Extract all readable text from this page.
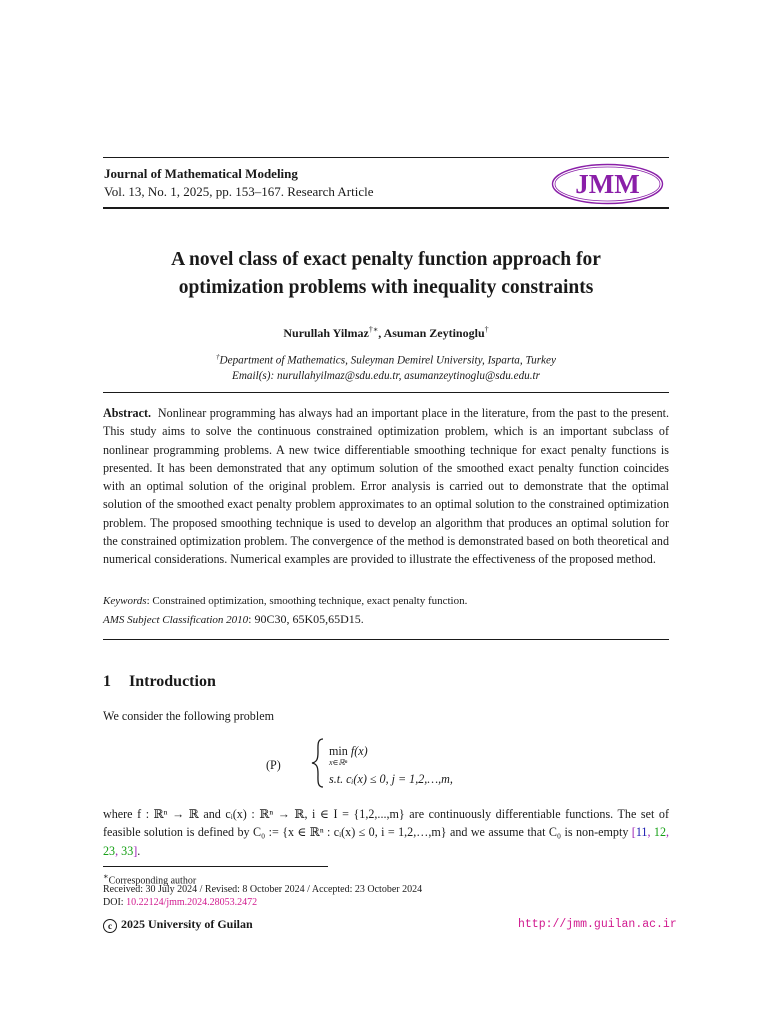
Journal of Mathematical Modeling
Vol. 13, No. 1, 2025, pp. 153–167. Research Article	JMM
A novel class of exact penalty function approach for
optimization problems with inequality constraints
Nurullah Yilmaz†∗, Asuman Zeytinoglu†
†Department of Mathematics, Suleyman Demirel University, Isparta, Turkey
Email(s): nurullahyilmaz@sdu.edu.tr, asumanzeytinoglu@sdu.edu.tr
Abstract. Nonlinear programming has always had an important place in the literature, from the past to the present. This study aims to solve the continuous constrained optimization problem, which is an important subclass of nonlinear programming problems. A new twice differentiable smoothing technique for exact penalty functions is presented. It has been demonstrated that any optimum solution of the smoothed exact penalty function coincides with an optimal solution of the original problem. Error analysis is carried out to demonstrate that the optimal solution of the smoothed exact penalty problem approximates to an optimal solution to the constrained optimization problem. The proposed smoothing technique is used to develop an algorithm that produces an optimal solution for the constrained optimization problem. The convergence of the method is demonstrated based on both theoretical and numerical considerations. Numerical examples are provided to illustrate the effectiveness of the proposed method.
Keywords: Constrained optimization, smoothing technique, exact penalty function.
AMS Subject Classification 2010: 90C30, 65K05,65D15.
1 Introduction
We consider the following problem
(P)
min f(x)
x∈ℝⁿ
s.t. cᵢ(x) ≤ 0, j = 1,2,…,m,
where f : ℝⁿ → ℝ and cᵢ(x) : ℝⁿ → ℝ, i ∈ I = {1,2,...,m} are continuously differentiable functions. The set of feasible solution is defined by C₀ := {x ∈ ℝⁿ : cᵢ(x) ≤ 0, i = 1,2,…,m} and we assume that C₀ is non-empty [11, 12, 23, 33].
∗Corresponding author
Received: 30 July 2024 / Revised: 8 October 2024 / Accepted: 23 October 2024
DOI: 10.22124/jmm.2024.28053.2472
c 2025 University of Guilan	http://jmm.guilan.ac.ir
